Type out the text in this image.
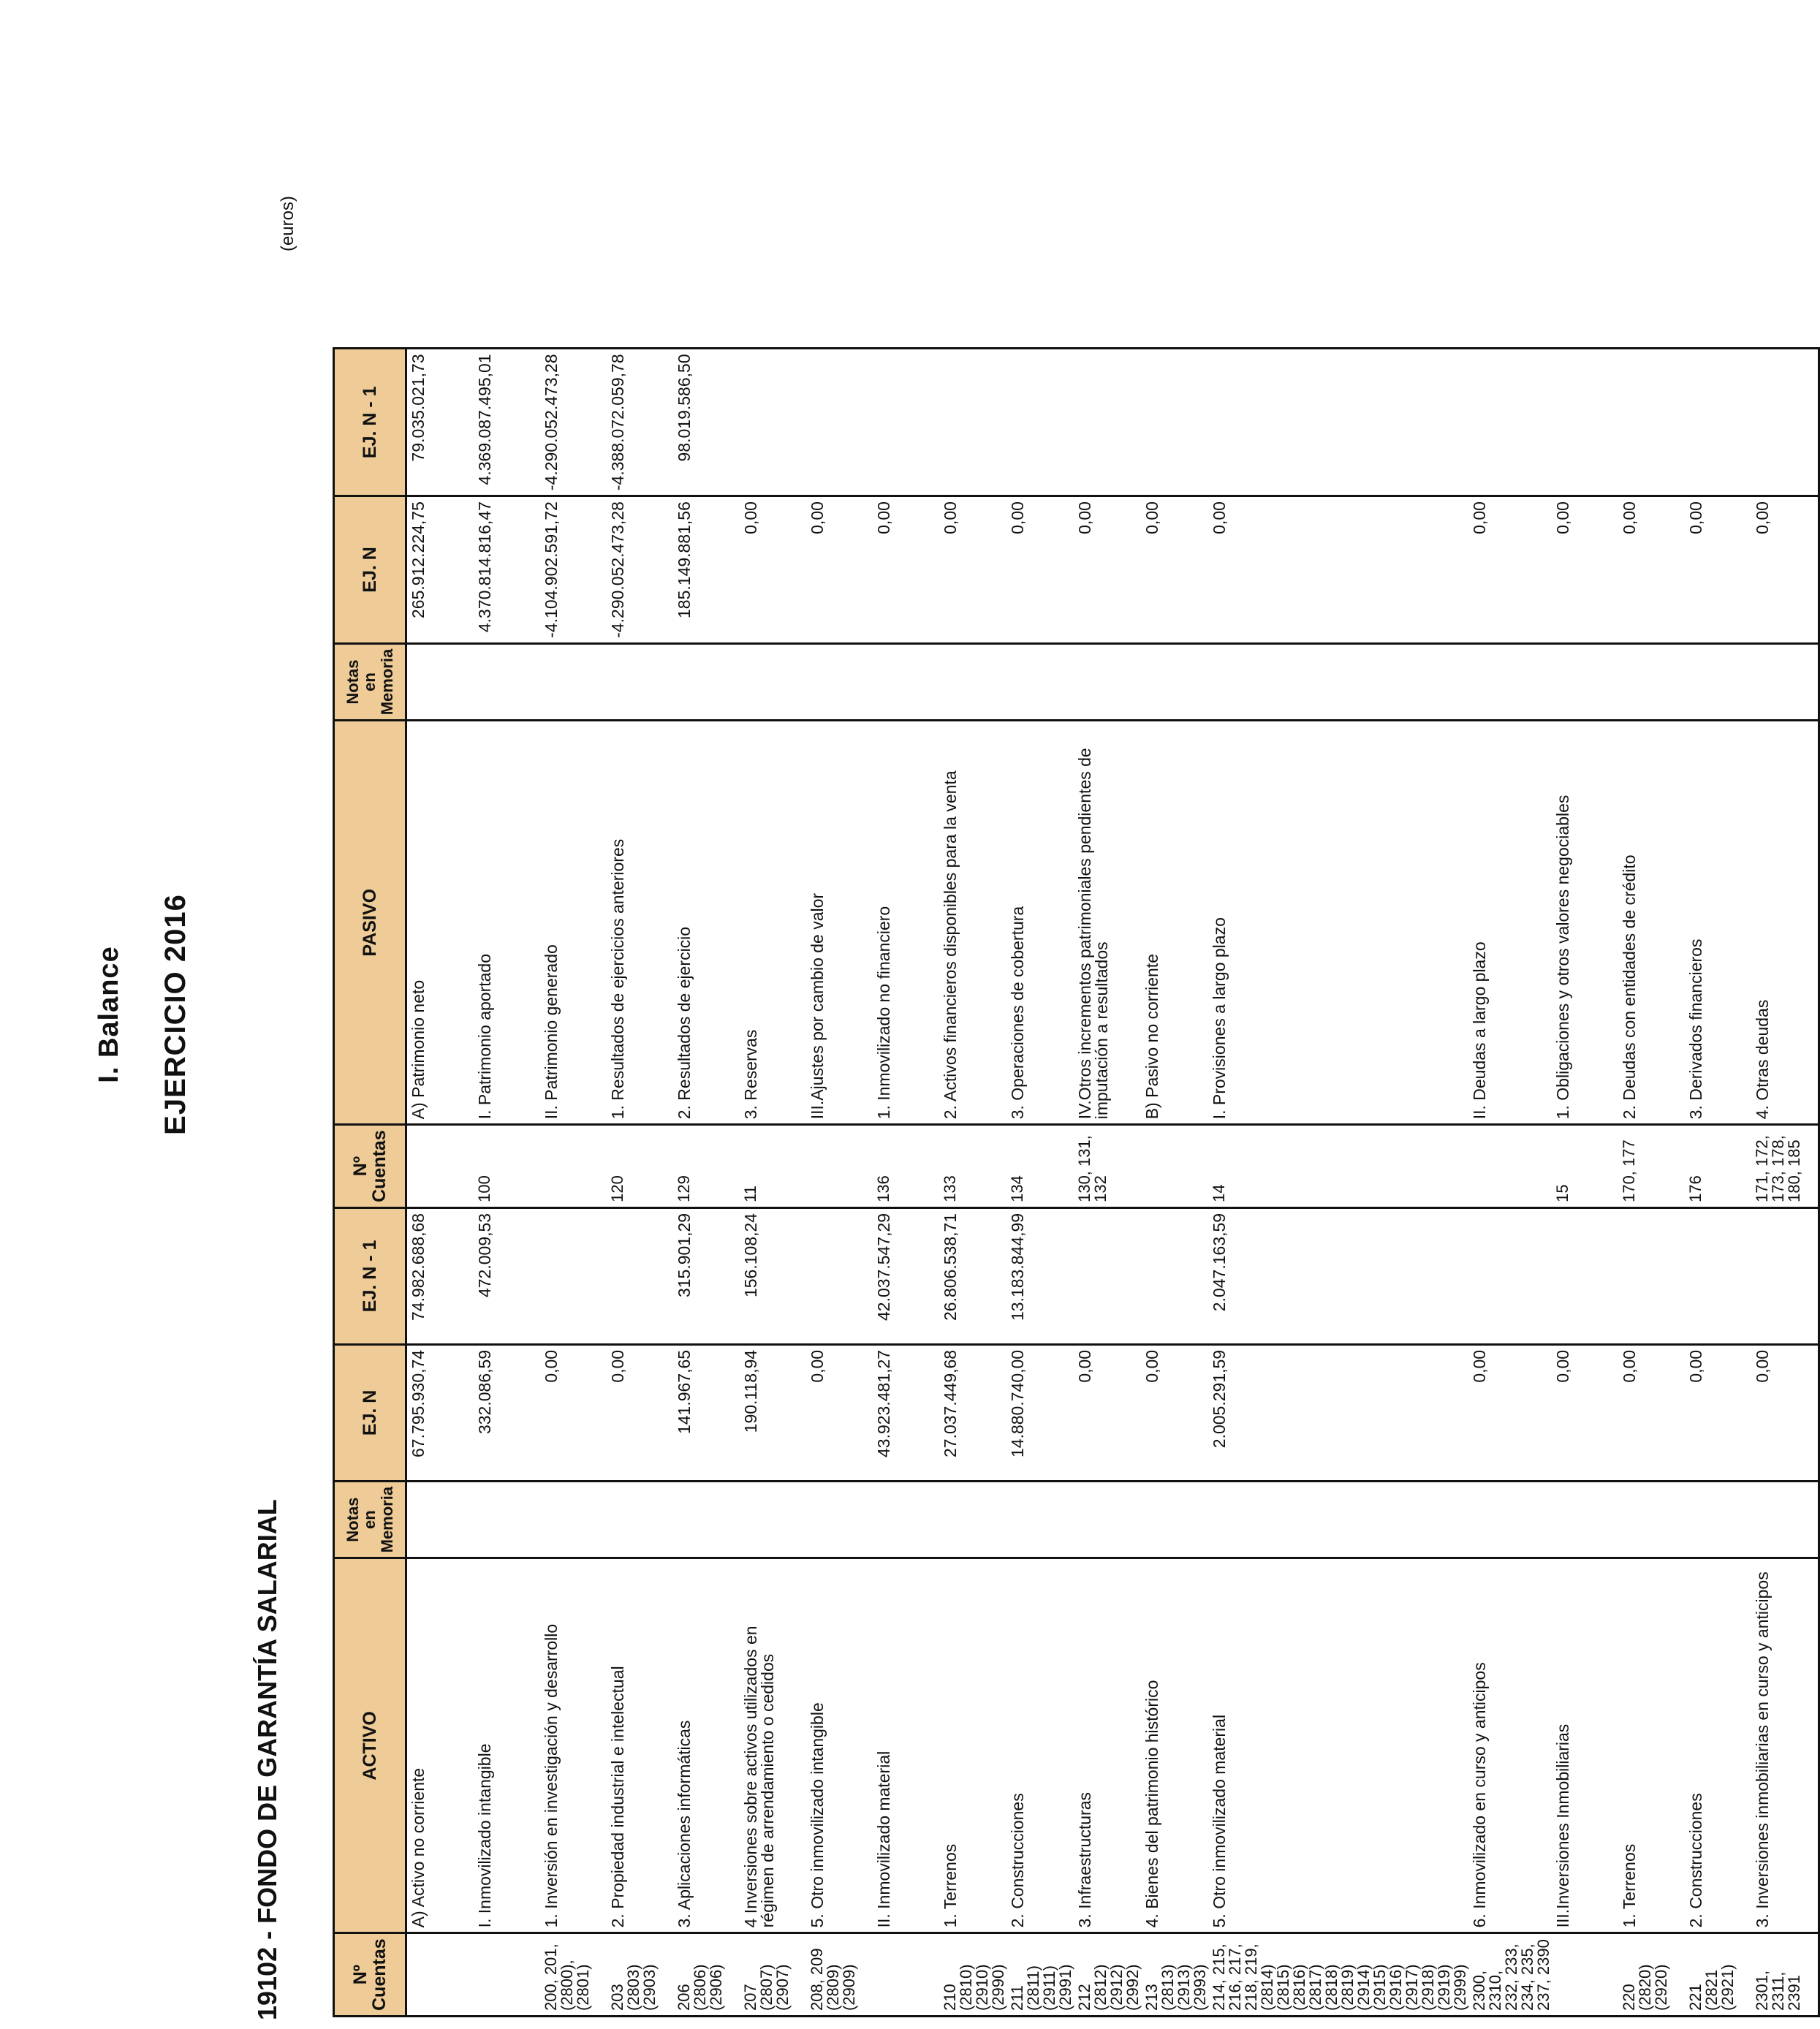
I. Balance EJERCICIO 2016
19102 - FONDO DE GARANTÍA SALARIAL
(euros)
Nº Cuentas	ACTIVO	Notas en Memoria	EJ. N	EJ. N - 1	Nº Cuentas	PASIVO	Notas en Memoria	EJ. N	EJ. N - 1
	A) Activo no corriente		67.795.930,74	74.982.688,68		A) Patrimonio neto		265.912.224,75	79.035.021,73
	I. Inmovilizado intangible		332.086,59	472.009,53	100	I. Patrimonio aportado		4.370.814.816,47	4.369.087.495,01
200, 201, (2800), (2801)	1. Inversión en investigación y desarrollo		0,00			II. Patrimonio generado		-4.104.902.591,72	-4.290.052.473,28
203 (2803) (2903)	2. Propiedad industrial e intelectual		0,00		120	1. Resultados de ejercicios anteriores		-4.290.052.473,28	-4.388.072.059,78
206 (2806) (2906)	3. Aplicaciones informáticas		141.967,65	315.901,29	129	2. Resultados de ejercicio		185.149.881,56	98.019.586,50
207 (2807) (2907)	4 Inversiones sobre activos utilizados en régimen de arrendamiento o cedidos		190.118,94	156.108,24	11	3. Reservas		0,00	
208, 209 (2809) (2909)	5. Otro inmovilizado intangible		0,00			III.Ajustes por cambio de valor		0,00	
	II. Inmovilizado material		43.923.481,27	42.037.547,29	136	1. Inmovilizado no financiero		0,00	
210 (2810) (2910) (2990)	1. Terrenos		27.037.449,68	26.806.538,71	133	2. Activos financieros disponibles para la venta		0,00	
211 (2811) (2911) (2991)	2. Construcciones		14.880.740,00	13.183.844,99	134	3. Operaciones de cobertura		0,00	
212 (2812) (2912) (2992)	3. Infraestructuras		0,00		130, 131, 132	IV.Otros incrementos patrimoniales pendientes de imputación a resultados		0,00	
213 (2813) (2913) (2993)	4. Bienes del patrimonio histórico		0,00			B) Pasivo no corriente		0,00	
214, 215, 216, 217, 218, 219, (2814) (2815) (2816) (2817) (2818) (2819) (2914) (2915) (2916) (2917) (2918) (2919) (2999)	5. Otro inmovilizado material		2.005.291,59	2.047.163,59	14	I. Provisiones a largo plazo		0,00	
2300, 2310, 232, 233, 234, 235, 237, 2390	6. Inmovilizado en curso y anticipos		0,00			II. Deudas a largo plazo		0,00	
	III.Inversiones Inmobiliarias		0,00		15	1. Obligaciones y otros valores negociables		0,00	
220 (2820) (2920)	1. Terrenos		0,00		170, 177	2. Deudas con entidades de crédito		0,00	
221 (2821 (2921)	2. Construcciones		0,00		176	3. Derivados financieros		0,00	
2301, 2311, 2391	3. Inversiones inmobiliarias en curso y anticipos		0,00		171, 172, 173, 178, 180, 185	4. Otras deudas		0,00	
